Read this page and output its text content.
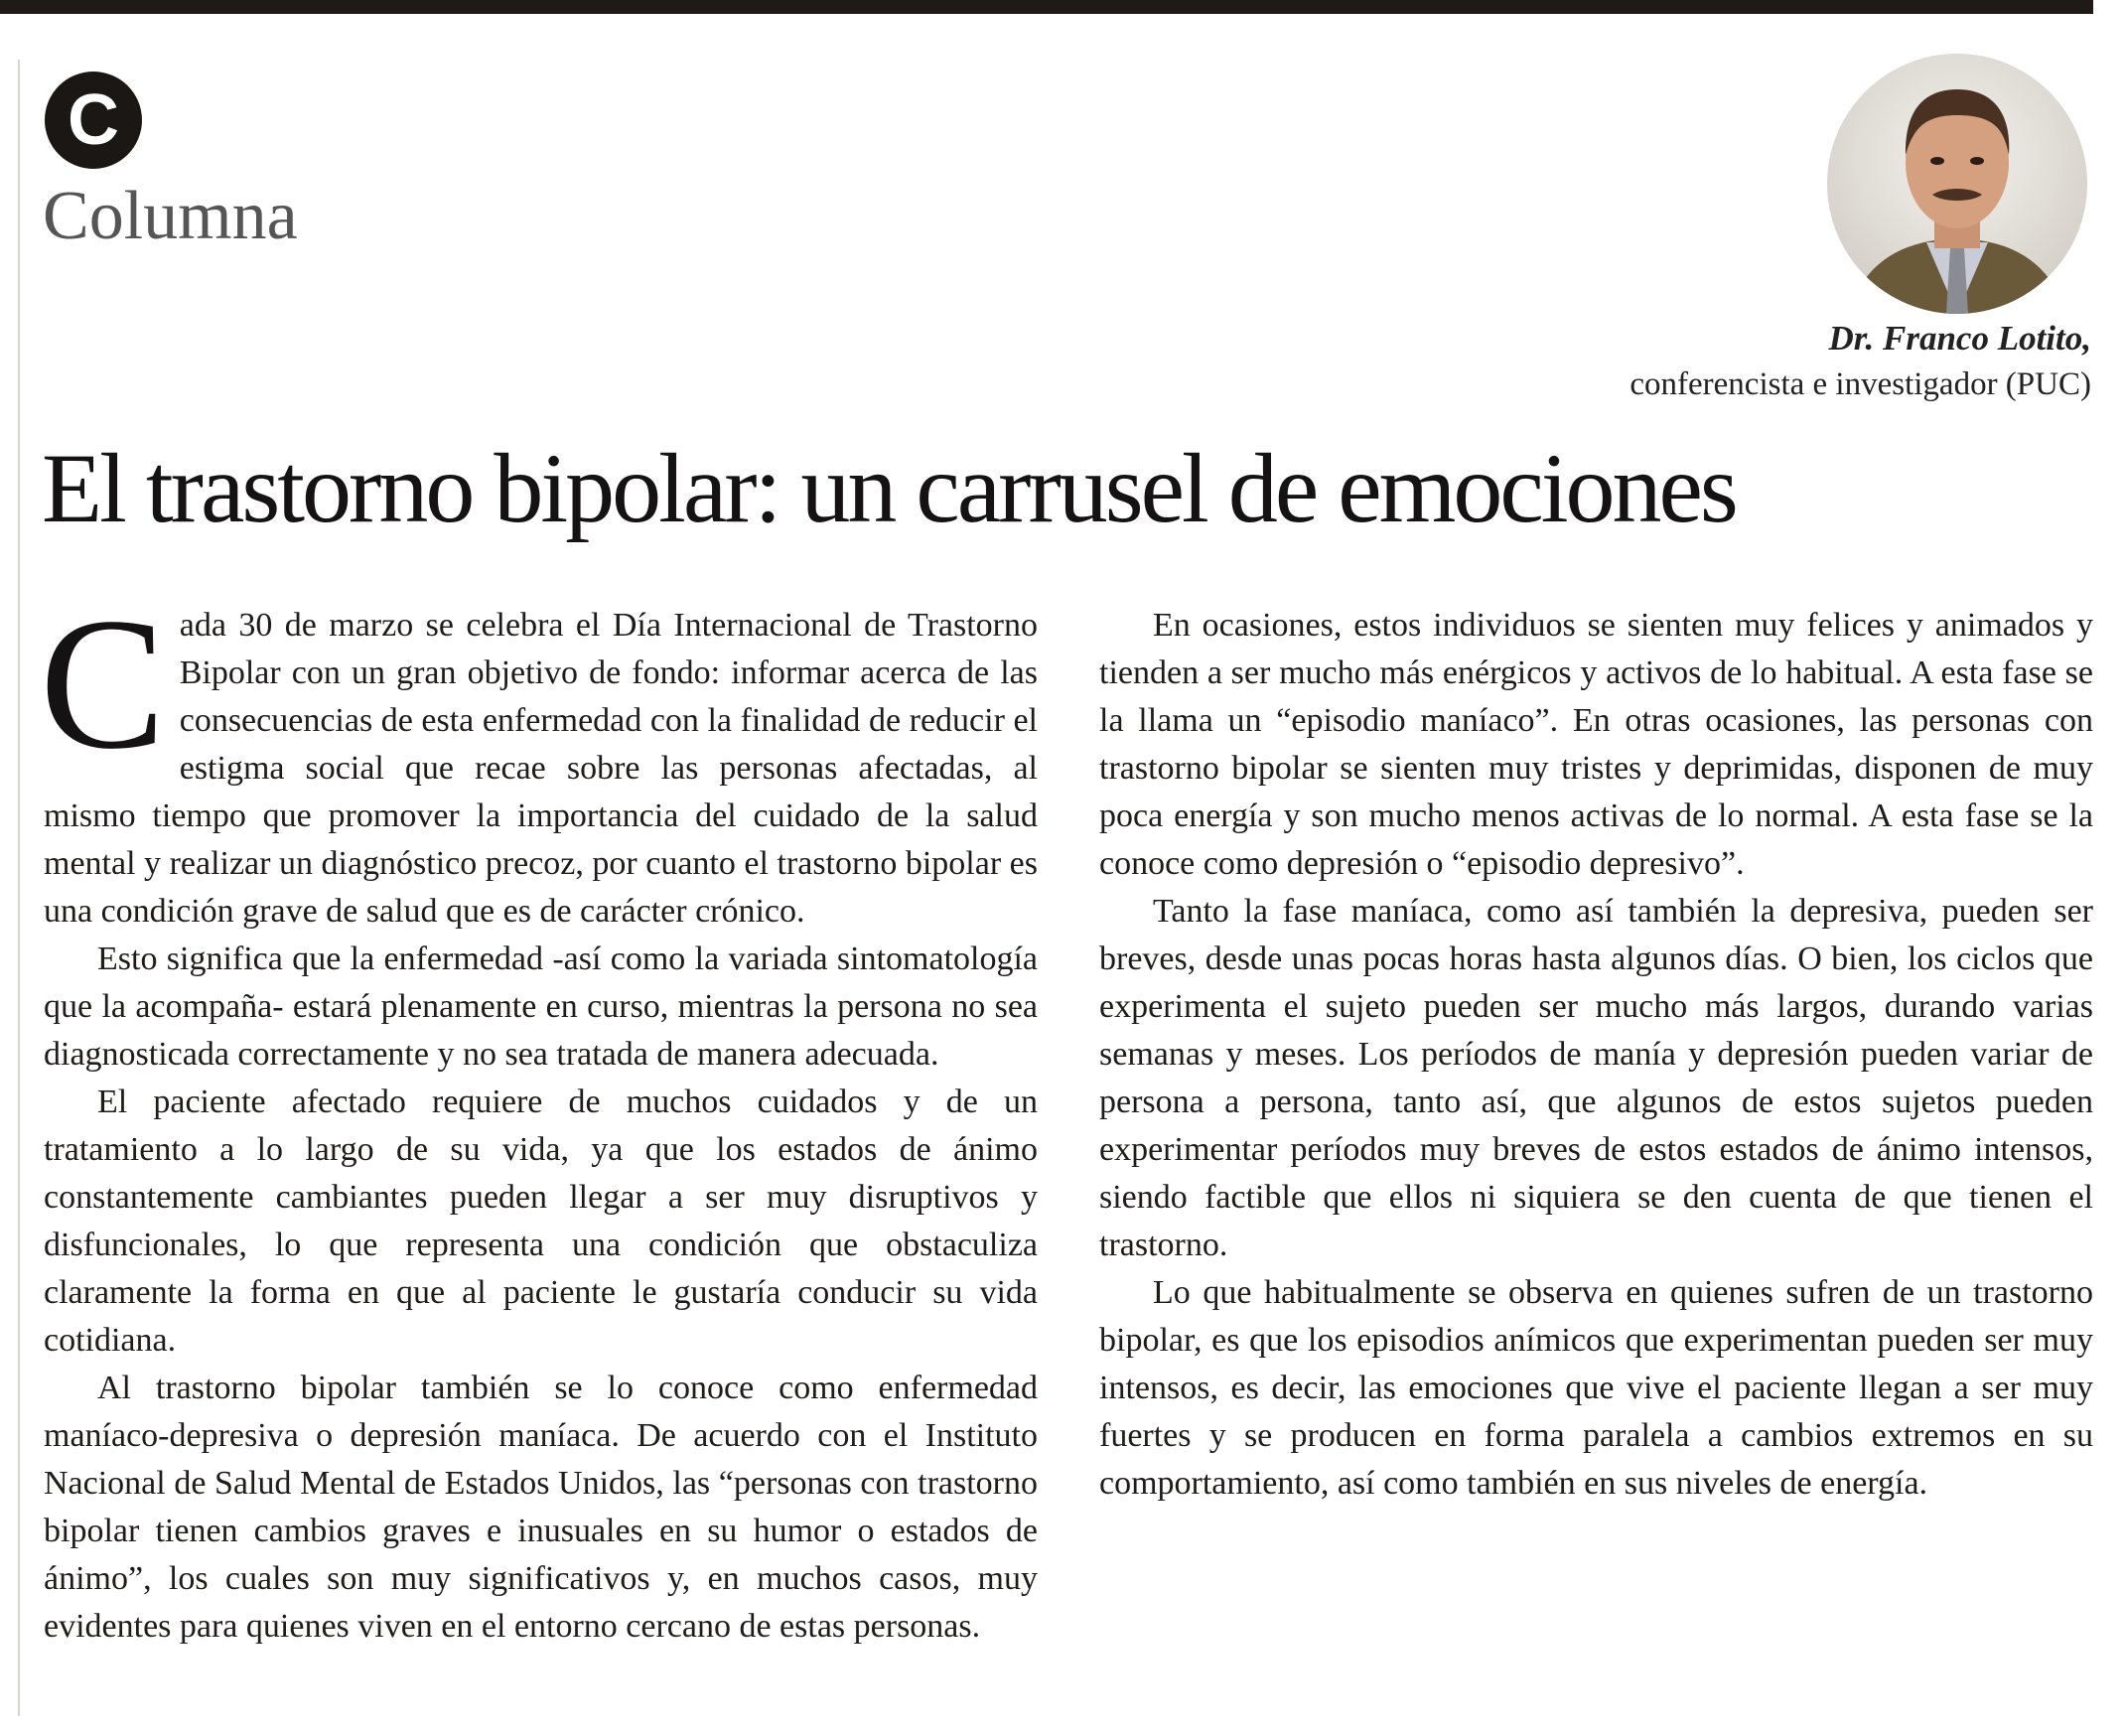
C
Columna
Dr. Franco Lotito,
conferencista e investigador (PUC)
El trastorno bipolar: un carrusel de emociones

Cada 30 de marzo se celebra el Día Internacional de Trastorno Bipolar con un gran objetivo de fondo: informar acerca de las consecuencias de esta enfermedad con la finalidad de reducir el estigma social que recae sobre las personas afectadas, al mismo tiempo que promover la importancia del cuidado de la salud mental y realizar un diagnóstico precoz, por cuanto el trastorno bipolar es una condición grave de salud que es de carácter crónico.

Esto significa que la enfermedad -así como la variada sintomatología que la acompaña- estará plenamente en curso, mientras la persona no sea diagnosticada correctamente y no sea tratada de manera adecuada.

El paciente afectado requiere de muchos cuidados y de un tratamiento a lo largo de su vida, ya que los estados de ánimo constantemente cambiantes pueden llegar a ser muy disruptivos y disfuncionales, lo que representa una condición que obstaculiza claramente la forma en que al paciente le gustaría conducir su vida cotidiana.

Al trastorno bipolar también se lo conoce como enfermedad maníaco-depresiva o depresión maníaca. De acuerdo con el Instituto Nacional de Salud Mental de Estados Unidos, las “personas con trastorno bipolar tienen cambios graves e inusuales en su humor o estados de ánimo”, los cuales son muy significativos y, en muchos casos, muy evidentes para quienes viven en el entorno cercano de estas personas.

En ocasiones, estos individuos se sienten muy felices y animados y tienden a ser mucho más enérgicos y activos de lo habitual. A esta fase se la llama un “episodio maníaco”. En otras ocasiones, las personas con trastorno bipolar se sienten muy tristes y deprimidas, disponen de muy poca energía y son mucho menos activas de lo normal. A esta fase se la conoce como depresión o “episodio depresivo”.

Tanto la fase maníaca, como así también la depresiva, pueden ser breves, desde unas pocas horas hasta algunos días. O bien, los ciclos que experimenta el sujeto pueden ser mucho más largos, durando varias semanas y meses. Los períodos de manía y depresión pueden variar de persona a persona, tanto así, que algunos de estos sujetos pueden experimentar períodos muy breves de estos estados de ánimo intensos, siendo factible que ellos ni siquiera se den cuenta de que tienen el trastorno.

Lo que habitualmente se observa en quienes sufren de un trastorno bipolar, es que los episodios anímicos que experimentan pueden ser muy intensos, es decir, las emociones que vive el paciente llegan a ser muy fuertes y se producen en forma paralela a cambios extremos en su comportamiento, así como también en sus niveles de energía.
